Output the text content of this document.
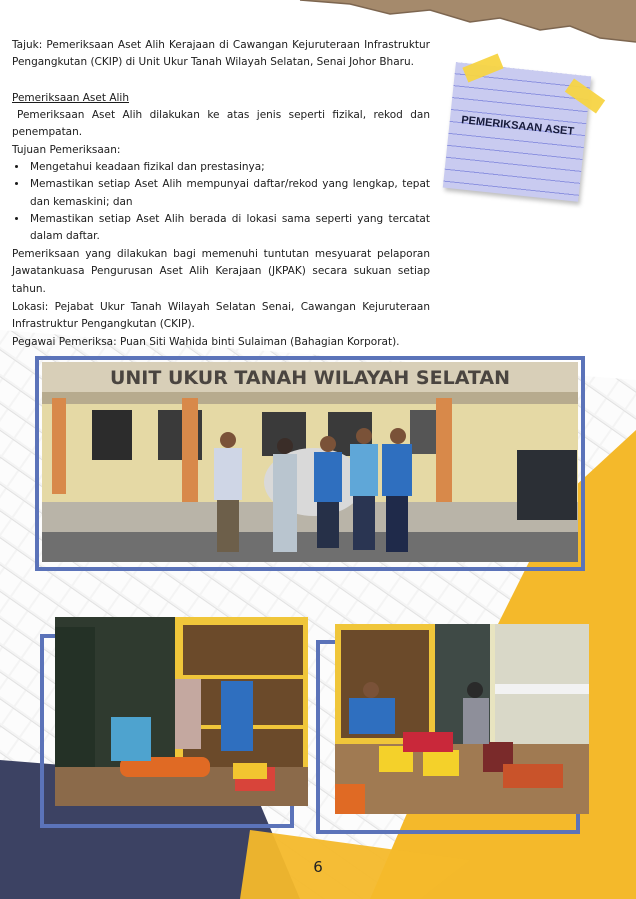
Tajuk: Pemeriksaan Aset Alih Kerajaan di Cawangan Kejuruteraan Infrastruktur Pengangkutan (CKIP) di Unit Ukur Tanah Wilayah Selatan, Senai Johor Bharu.
Pemeriksaan Aset Alih
Pemeriksaan Aset Alih dilakukan ke atas jenis seperti fizikal, rekod dan penempatan.
Tujuan Pemeriksaan:
• Mengetahui keadaan fizikal dan prestasinya;
• Memastikan setiap Aset Alih mempunyai daftar/rekod yang lengkap, tepat dan kemaskini; dan
• Memastikan setiap Aset Alih berada di lokasi sama seperti yang tercatat dalam daftar.
Pemeriksaan yang dilakukan bagi memenuhi tuntutan mesyuarat pelaporan Jawatankuasa Pengurusan Aset Alih Kerajaan (JKPAK) secara sukuan setiap tahun.
Lokasi: Pejabat Ukur Tanah Wilayah Selatan Senai, Cawangan Kejuruteraan Infrastruktur Pengangkutan (CKIP).
Pegawai Pemeriksa: Puan Siti Wahida binti Sulaiman (Bahagian Korporat).
PEMERIKSAAN ASET
UNIT UKUR TANAH WILAYAH SELATAN
6
